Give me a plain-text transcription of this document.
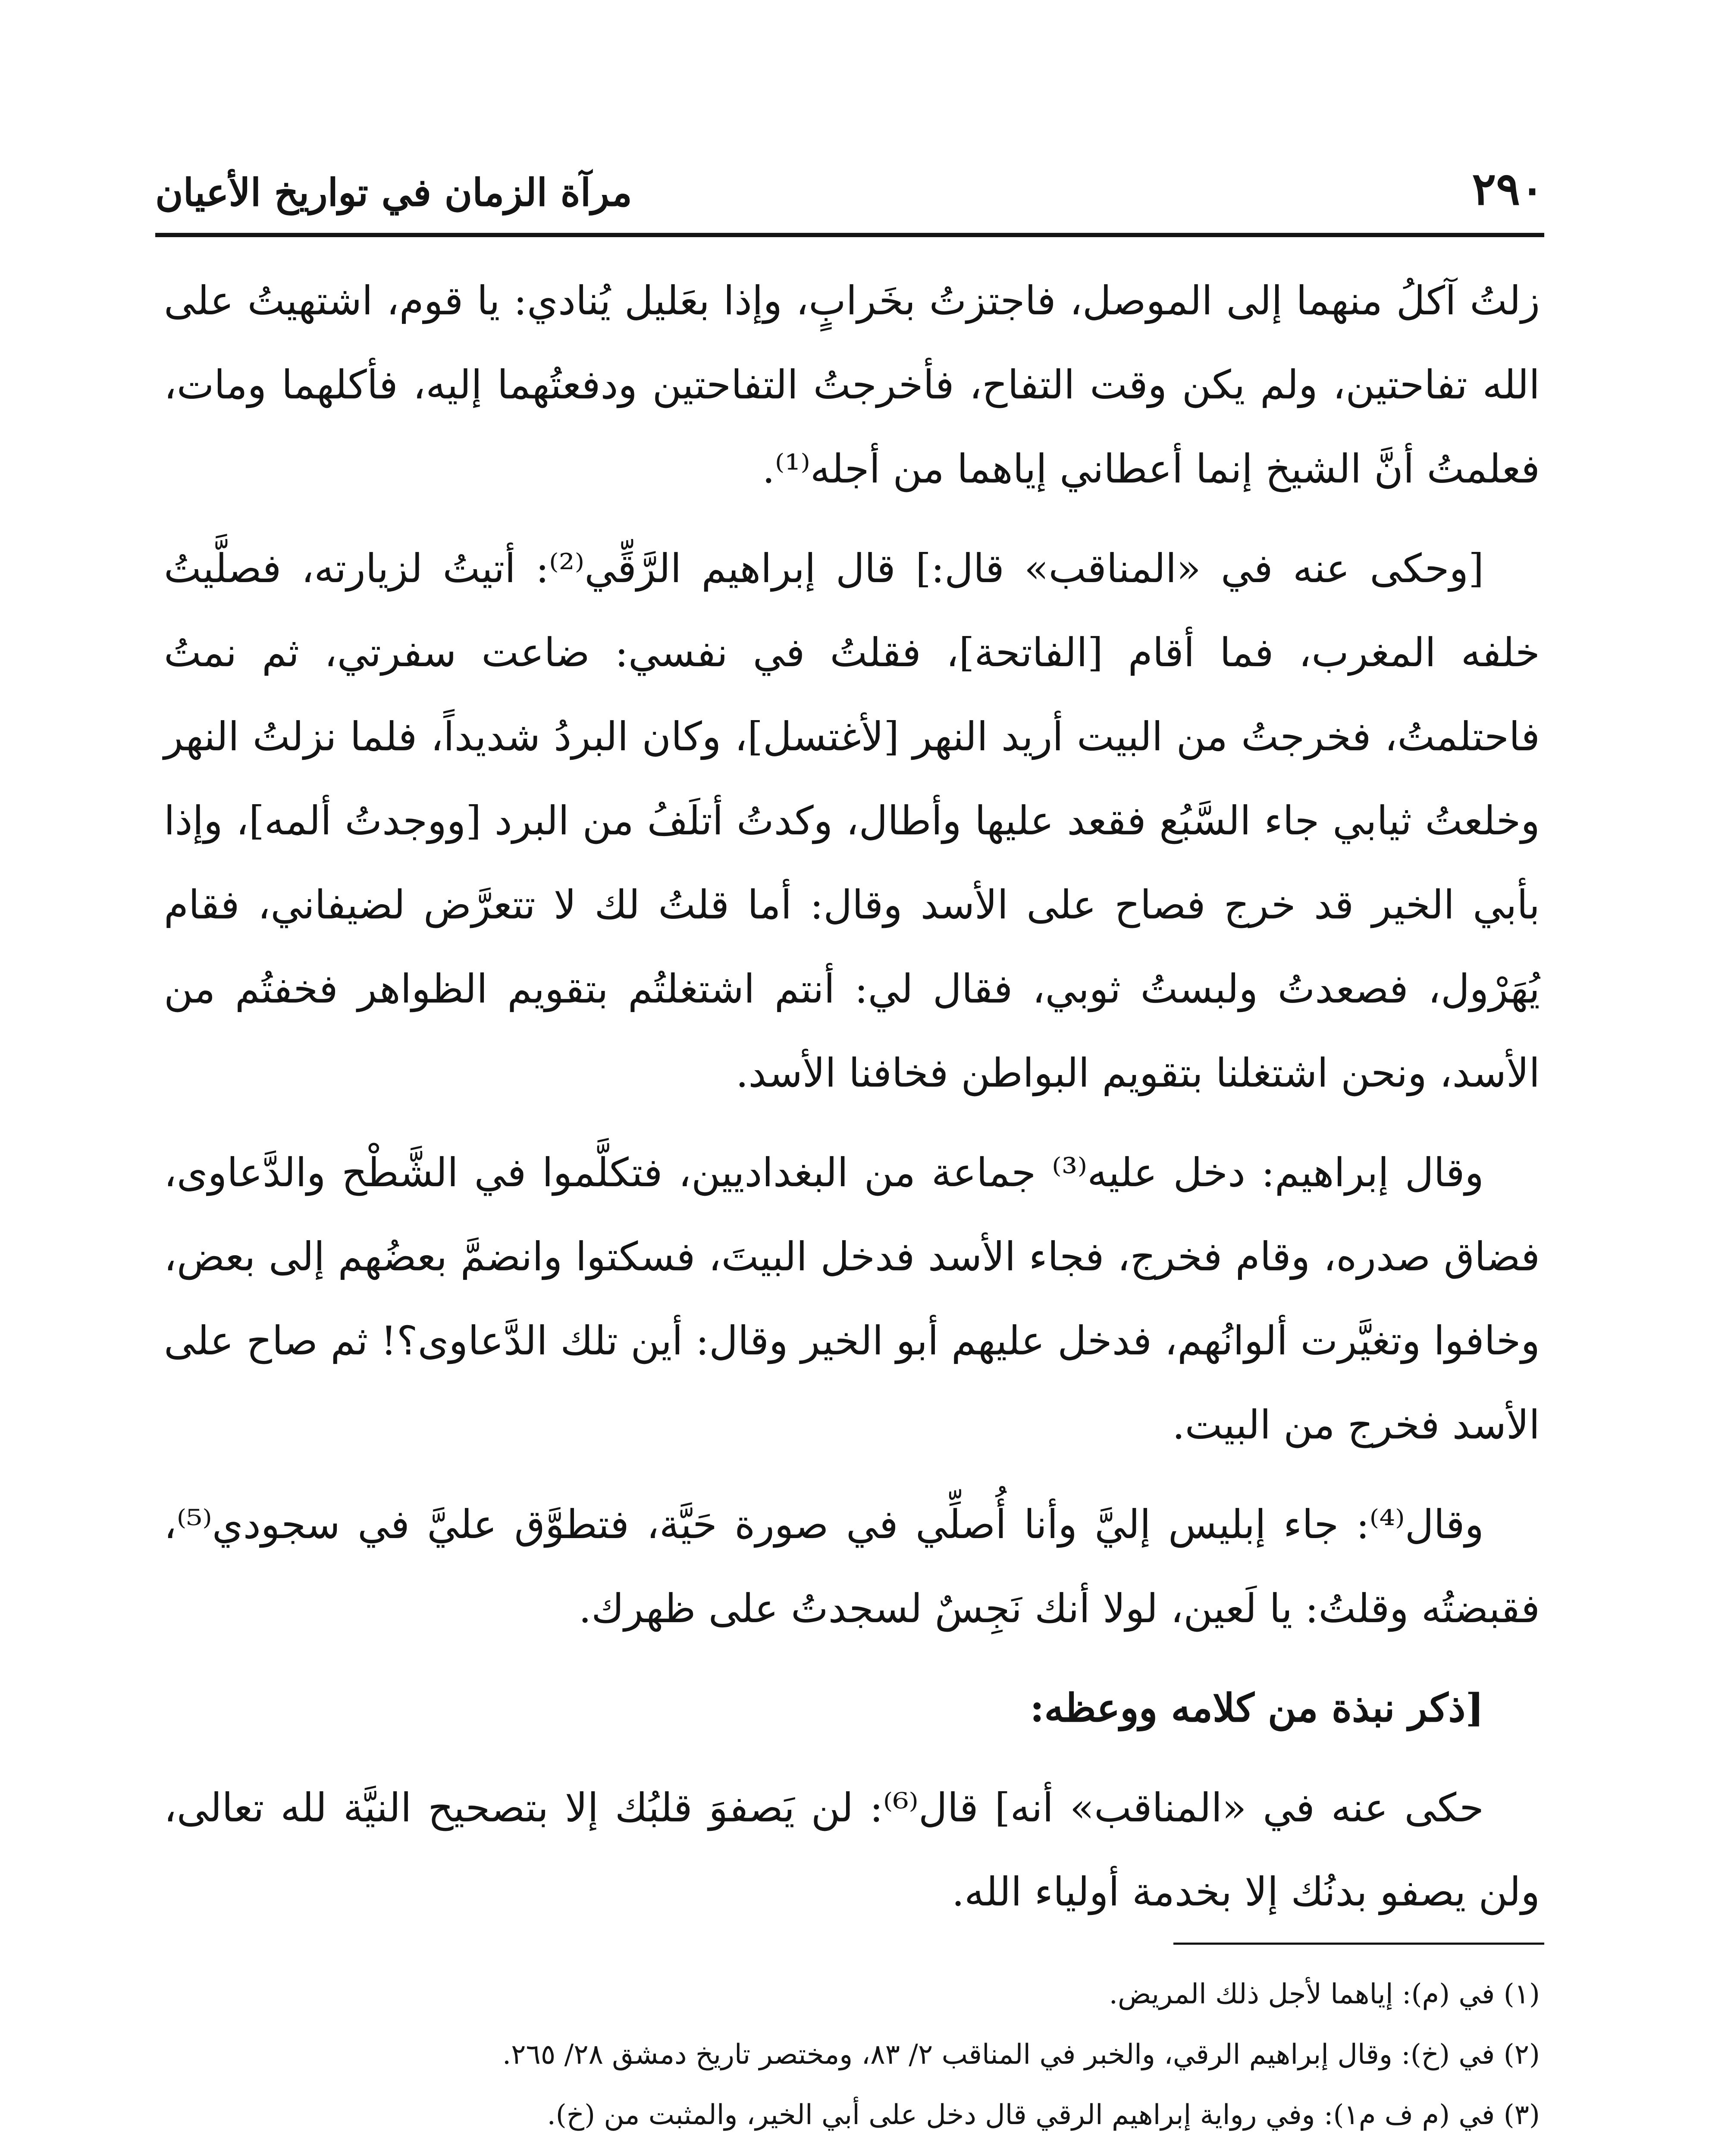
٢٩٠
مرآة الزمان في تواريخ الأعيان

زلتُ آكلُ منهما إلى الموصل، فاجتزتُ بخَرابٍ، وإذا بعَليل يُنادي: يا قوم، اشتهيتُ على الله تفاحتين، ولم يكن وقت التفاح، فأخرجتُ التفاحتين ودفعتُهما إليه، فأكلهما ومات، فعلمتُ أنَّ الشيخ إنما أعطاني إياهما من أجله⁽¹⁾.

[وحكى عنه في «المناقب» قال:] قال إبراهيم الرَّقِّي⁽²⁾: أتيتُ لزيارته، فصلَّيتُ خلفه المغرب، فما أقام [الفاتحة]، فقلتُ في نفسي: ضاعت سفرتي، ثم نمتُ فاحتلمتُ، فخرجتُ من البيت أريد النهر [لأغتسل]، وكان البردُ شديداً، فلما نزلتُ النهر وخلعتُ ثيابي جاء السَّبُع فقعد عليها وأطال، وكدتُ أتلَفُ من البرد [ووجدتُ ألمه]، وإذا بأبي الخير قد خرج فصاح على الأسد وقال: أما قلتُ لك لا تتعرَّض لضيفاني، فقام يُهَرْول، فصعدتُ ولبستُ ثوبي، فقال لي: أنتم اشتغلتُم بتقويم الظواهر فخفتُم من الأسد، ونحن اشتغلنا بتقويم البواطن فخافنا الأسد.

وقال إبراهيم: دخل عليه⁽³⁾ جماعة من البغداديين، فتكلَّموا في الشَّطْح والدَّعاوى، فضاق صدره، وقام فخرج، فجاء الأسد فدخل البيتَ، فسكتوا وانضمَّ بعضُهم إلى بعض، وخافوا وتغيَّرت ألوانُهم، فدخل عليهم أبو الخير وقال: أين تلك الدَّعاوى؟! ثم صاح على الأسد فخرج من البيت.

وقال⁽⁴⁾: جاء إبليس إليَّ وأنا أُصلِّي في صورة حَيَّة، فتطوَّق عليَّ في سجودي⁽⁵⁾، فقبضتُه وقلتُ: يا لَعين، لولا أنك نَجِسٌ لسجدتُ على ظهرك.

[ذكر نبذة من كلامه ووعظه:

حكى عنه في «المناقب» أنه] قال⁽⁶⁾: لن يَصفوَ قلبُك إلا بتصحيح النيَّة لله تعالى، ولن يصفو بدنُك إلا بخدمة أولياء الله.

(١) في (م): إياهما لأجل ذلك المريض.
(٢) في (خ): وقال إبراهيم الرقي، والخبر في المناقب ٢/ ٨٣، ومختصر تاريخ دمشق ٢٨/ ٢٦٥.
(٣) في (م ف م١): وفي رواية إبراهيم الرقي قال دخل على أبي الخير، والمثبت من (خ).
